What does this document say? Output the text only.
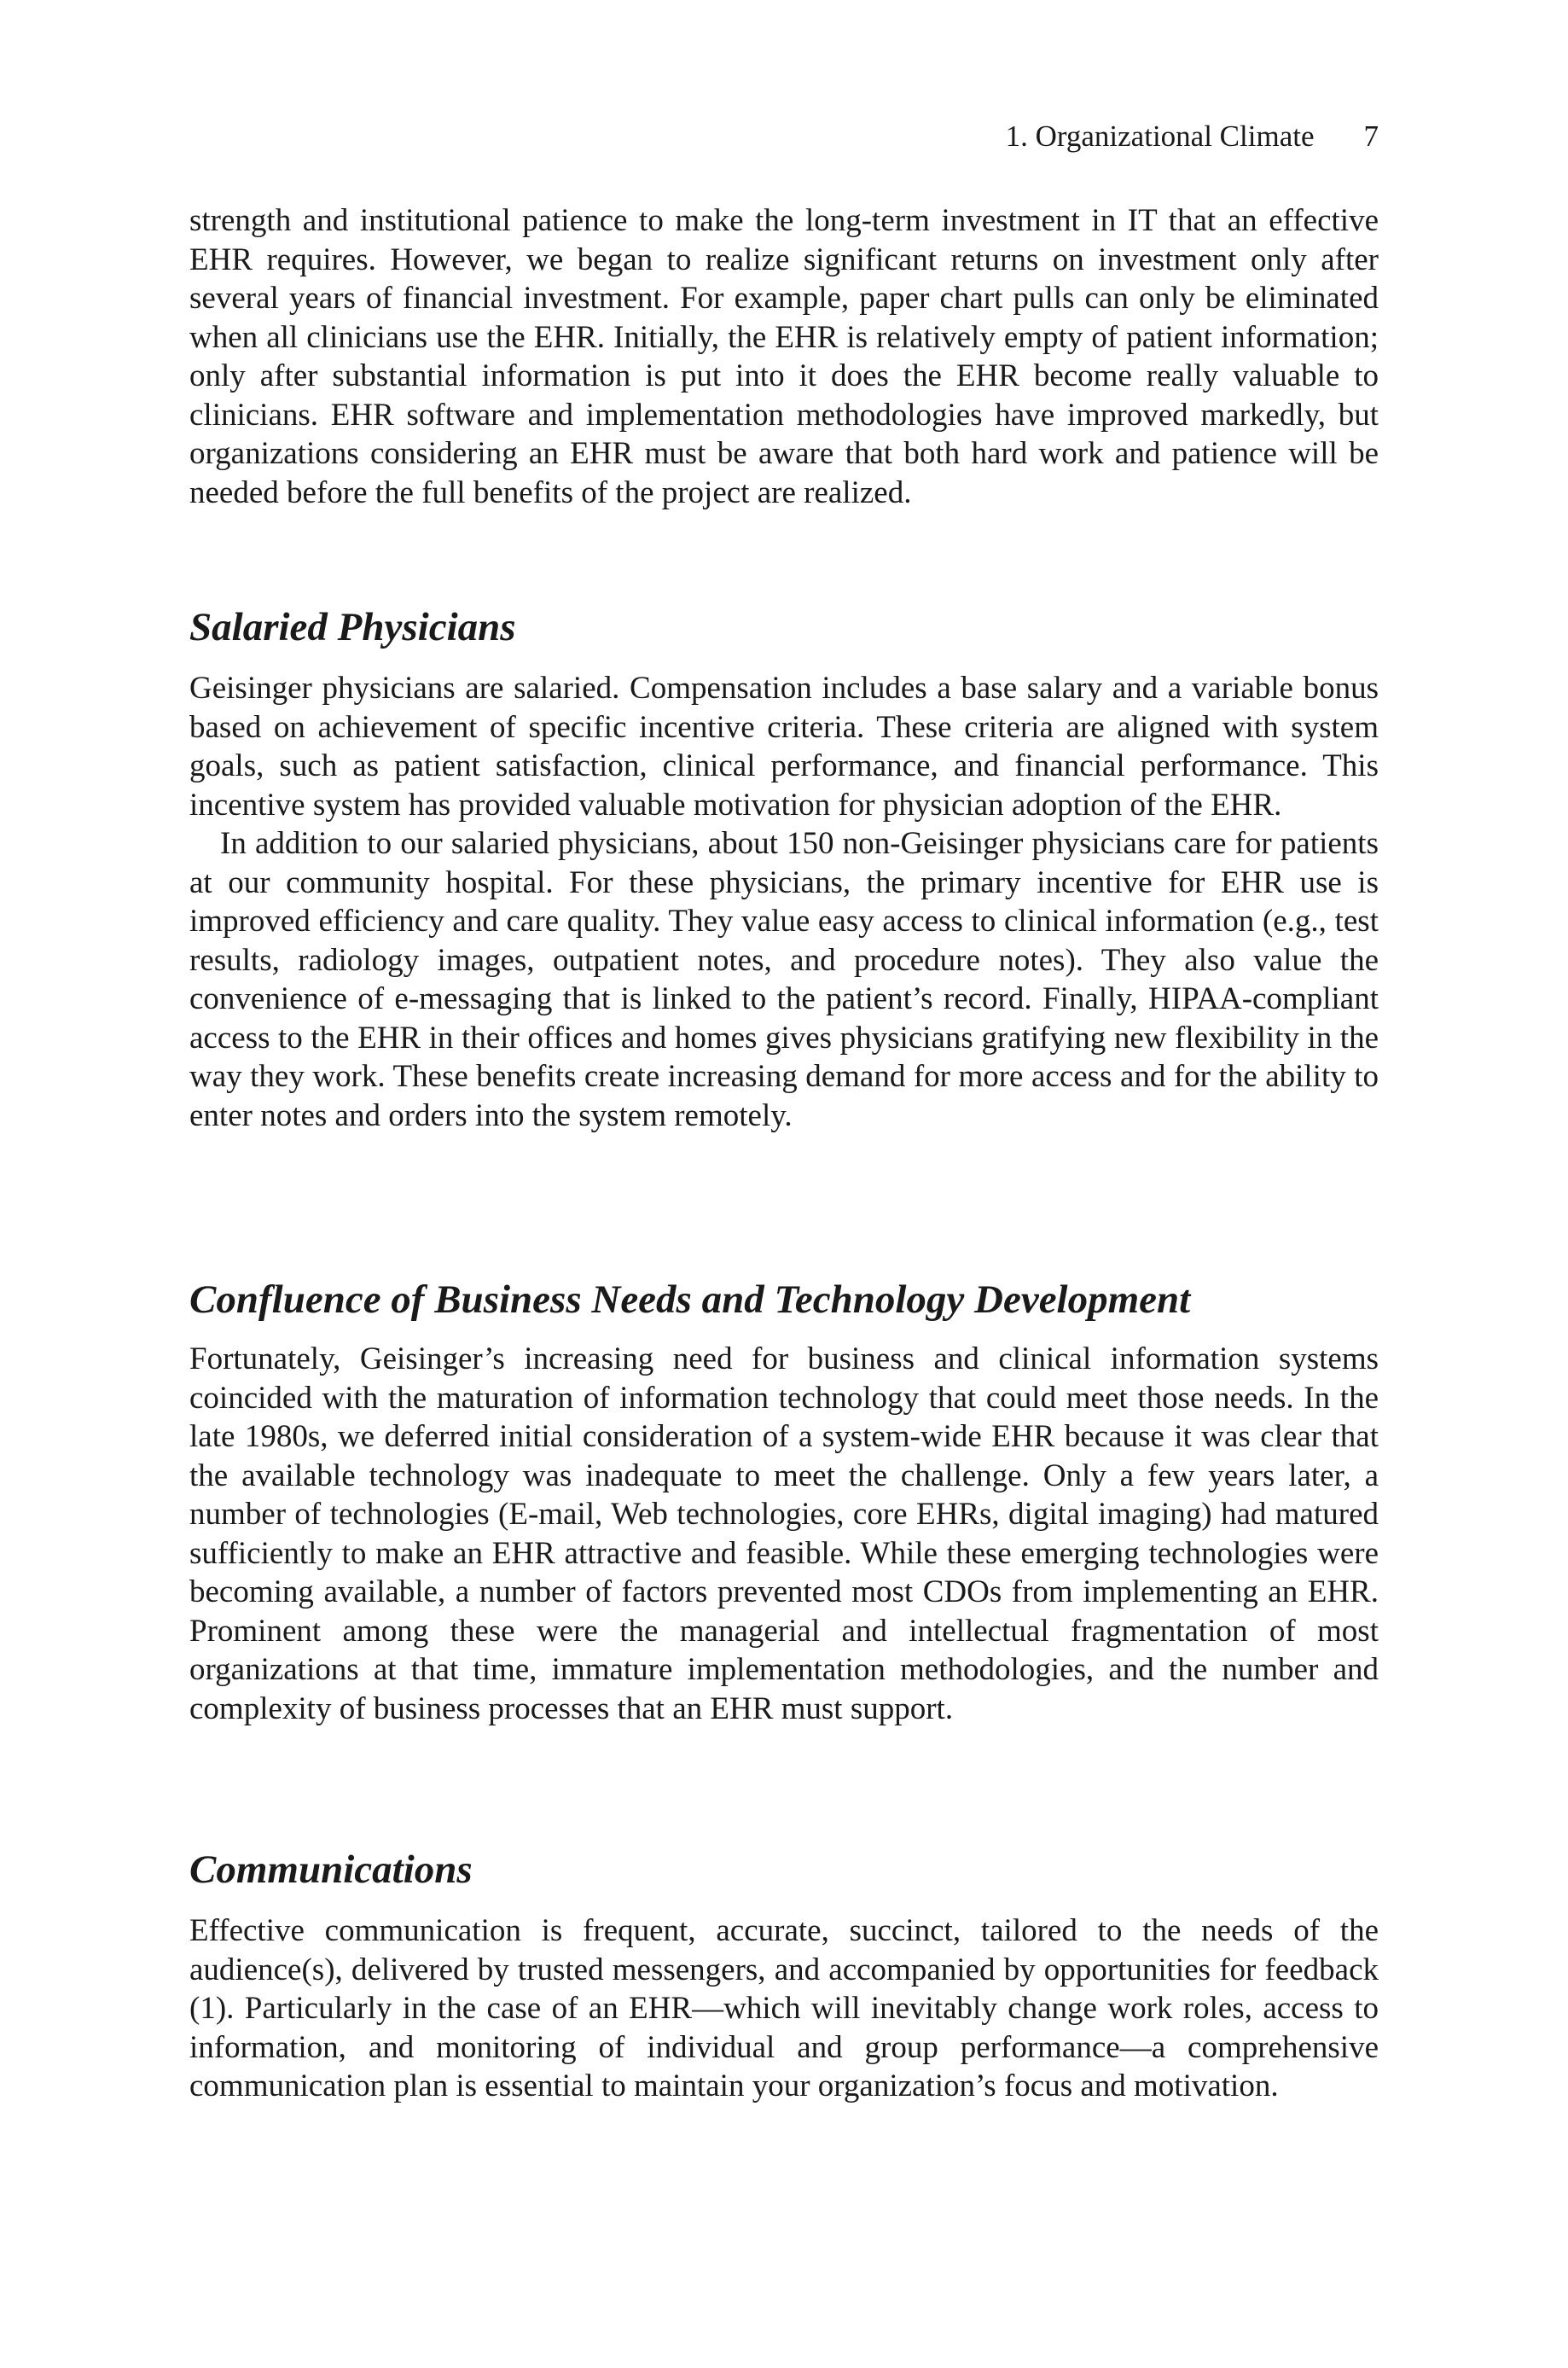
1. Organizational Climate 7

strength and institutional patience to make the long-term investment in IT that an effective EHR requires. However, we began to realize significant returns on investment only after several years of financial investment. For example, paper chart pulls can only be eliminated when all clinicians use the EHR. Initially, the EHR is relatively empty of patient information; only after substantial information is put into it does the EHR become really valuable to clinicians. EHR software and implementation methodologies have improved markedly, but organizations considering an EHR must be aware that both hard work and patience will be needed before the full benefits of the project are realized.

Salaried Physicians

Geisinger physicians are salaried. Compensation includes a base salary and a variable bonus based on achievement of specific incentive criteria. These criteria are aligned with system goals, such as patient satisfaction, clinical performance, and financial performance. This incentive system has provided valuable motivation for physician adoption of the EHR.

In addition to our salaried physicians, about 150 non-Geisinger physicians care for patients at our community hospital. For these physicians, the primary incentive for EHR use is improved efficiency and care quality. They value easy access to clinical information (e.g., test results, radiology images, outpatient notes, and procedure notes). They also value the convenience of e-messaging that is linked to the patient’s record. Finally, HIPAA-compliant access to the EHR in their offices and homes gives physicians gratifying new flexibility in the way they work. These benefits create increasing demand for more access and for the ability to enter notes and orders into the system remotely.

Confluence of Business Needs and Technology Development

Fortunately, Geisinger’s increasing need for business and clinical information systems coincided with the maturation of information technology that could meet those needs. In the late 1980s, we deferred initial consideration of a system-wide EHR because it was clear that the available technology was inadequate to meet the challenge. Only a few years later, a number of technologies (E-mail, Web technologies, core EHRs, digital imaging) had matured sufficiently to make an EHR attractive and feasible. While these emerging technologies were becoming available, a number of factors prevented most CDOs from implementing an EHR. Prominent among these were the managerial and intellectual fragmentation of most organizations at that time, immature implementation methodologies, and the number and complexity of business processes that an EHR must support.

Communications

Effective communication is frequent, accurate, succinct, tailored to the needs of the audience(s), delivered by trusted messengers, and accompanied by opportunities for feedback (1). Particularly in the case of an EHR—which will inevitably change work roles, access to information, and monitoring of individual and group performance—a comprehensive communication plan is essential to maintain your organization’s focus and motivation.
